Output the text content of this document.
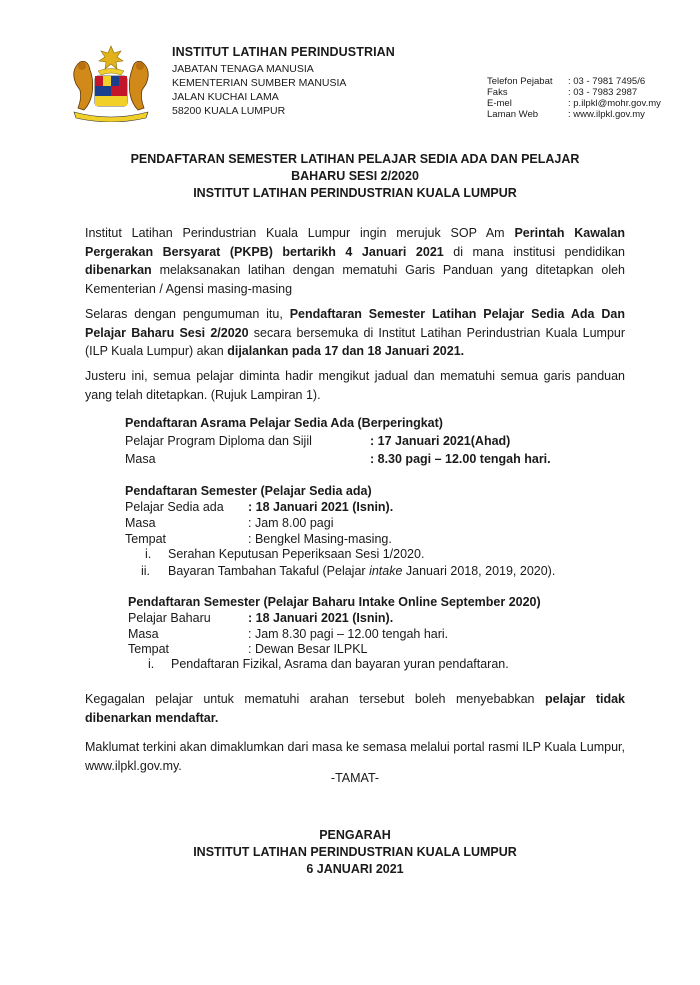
INSTITUT LATIHAN PERINDUSTRIAN
JABATAN TENAGA MANUSIA
KEMENTERIAN SUMBER MANUSIA
JALAN KUCHAI LAMA
58200 KUALA LUMPUR
Telefon Pejabat : 03 - 7981 7495/6
Faks	: 03 - 7983 2987
E-mel	: p.ilpkl@mohr.gov.my
Laman Web	: www.ilpkl.gov.my
PENDAFTARAN SEMESTER LATIHAN PELAJAR SEDIA ADA DAN PELAJAR
BAHARU SESI 2/2020
INSTITUT LATIHAN PERINDUSTRIAN KUALA LUMPUR
Institut Latihan Perindustrian Kuala Lumpur ingin merujuk SOP Am Perintah Kawalan Pergerakan Bersyarat (PKPB) bertarikh 4 Januari 2021 di mana institusi pendidikan dibenarkan melaksanakan latihan dengan mematuhi Garis Panduan yang ditetapkan oleh Kementerian / Agensi masing-masing
Selaras dengan pengumuman itu, Pendaftaran Semester Latihan Pelajar Sedia Ada Dan Pelajar Baharu Sesi 2/2020 secara bersemuka di Institut Latihan Perindustrian Kuala Lumpur (ILP Kuala Lumpur) akan dijalankan pada 17 dan 18 Januari 2021.
Justeru ini, semua pelajar diminta hadir mengikut jadual dan mematuhi semua garis panduan yang telah ditetapkan. (Rujuk Lampiran 1).
Pendaftaran Asrama Pelajar Sedia Ada (Berperingkat)
Pelajar Program Diploma dan Sijil	: 17 Januari 2021(Ahad)
Masa	: 8.30 pagi – 12.00 tengah hari.
Pendaftaran Semester (Pelajar Sedia ada)
Pelajar Sedia ada : 18 Januari 2021 (Isnin).
Masa	: Jam 8.00 pagi
Tempat	: Bengkel Masing-masing.
i. Serahan Keputusan Peperiksaan Sesi 1/2020.
ii. Bayaran Tambahan Takaful (Pelajar intake Januari 2018, 2019, 2020).
Pendaftaran Semester (Pelajar Baharu Intake Online September 2020)
Pelajar Baharu	: 18 Januari 2021 (Isnin).
Masa	: Jam 8.30 pagi – 12.00 tengah hari.
Tempat	: Dewan Besar ILPKL
i. Pendaftaran Fizikal, Asrama dan bayaran yuran pendaftaran.
Kegagalan pelajar untuk mematuhi arahan tersebut boleh menyebabkan pelajar tidak dibenarkan mendaftar.
Maklumat terkini akan dimaklumkan dari masa ke semasa melalui portal rasmi ILP Kuala Lumpur, www.ilpkl.gov.my.
-TAMAT-
PENGARAH
INSTITUT LATIHAN PERINDUSTRIAN KUALA LUMPUR
6 JANUARI 2021
